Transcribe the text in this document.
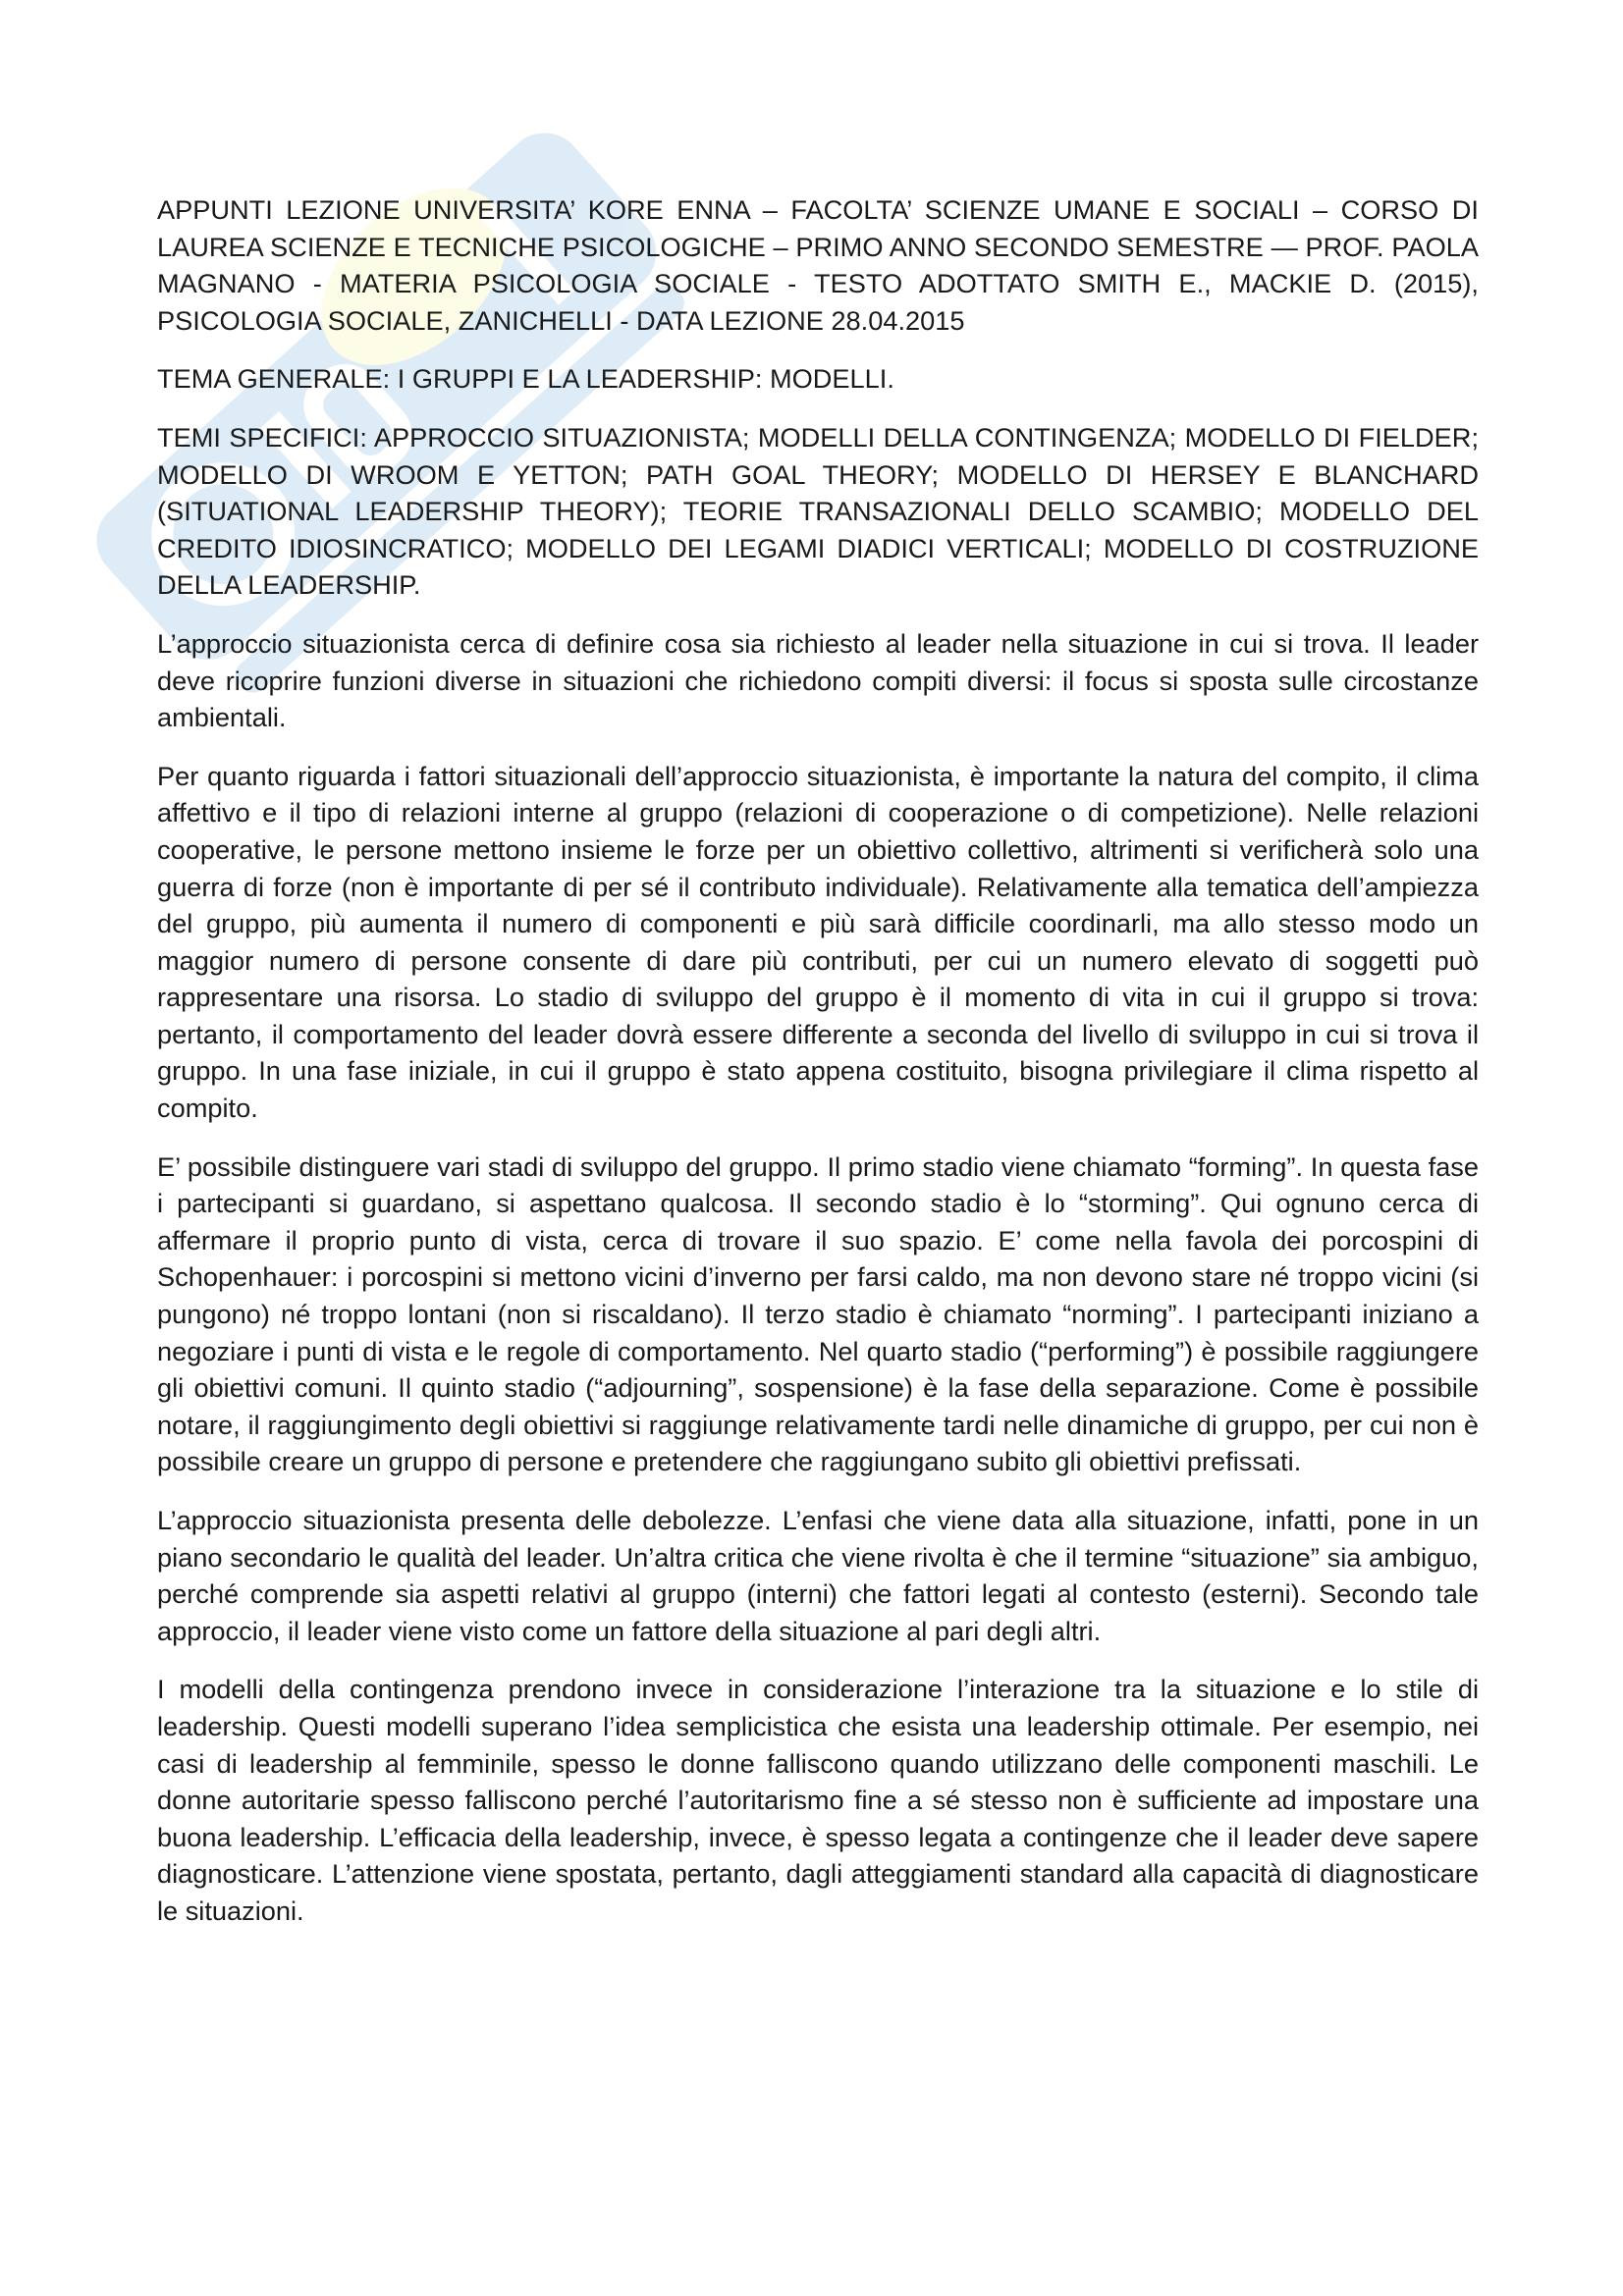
APPUNTI LEZIONE UNIVERSITA’ KORE ENNA – FACOLTA’ SCIENZE UMANE E SOCIALI – CORSO DI LAUREA SCIENZE E TECNICHE PSICOLOGICHE – PRIMO ANNO SECONDO SEMESTRE — PROF. PAOLA MAGNANO - MATERIA PSICOLOGIA SOCIALE - TESTO ADOTTATO SMITH E., MACKIE D. (2015), PSICOLOGIA SOCIALE, ZANICHELLI - DATA LEZIONE 28.04.2015

TEMA GENERALE: I GRUPPI E LA LEADERSHIP: MODELLI.

TEMI SPECIFICI: APPROCCIO SITUAZIONISTA; MODELLI DELLA CONTINGENZA; MODELLO DI FIELDER; MODELLO DI WROOM E YETTON; PATH GOAL THEORY; MODELLO DI HERSEY E BLANCHARD (SITUATIONAL LEADERSHIP THEORY); TEORIE TRANSAZIONALI DELLO SCAMBIO; MODELLO DEL CREDITO IDIOSINCRATICO; MODELLO DEI LEGAMI DIADICI VERTICALI; MODELLO DI COSTRUZIONE DELLA LEADERSHIP.

L’approccio situazionista cerca di definire cosa sia richiesto al leader nella situazione in cui si trova. Il leader deve ricoprire funzioni diverse in situazioni che richiedono compiti diversi: il focus si sposta sulle circostanze ambientali.

Per quanto riguarda i fattori situazionali dell’approccio situazionista, è importante la natura del compito, il clima affettivo e il tipo di relazioni interne al gruppo (relazioni di cooperazione o di competizione). Nelle relazioni cooperative, le persone mettono insieme le forze per un obiettivo collettivo, altrimenti si verificherà solo una guerra di forze (non è importante di per sé il contributo individuale). Relativamente alla tematica dell’ampiezza del gruppo, più aumenta il numero di componenti e più sarà difficile coordinarli, ma allo stesso modo un maggior numero di persone consente di dare più contributi, per cui un numero elevato di soggetti può rappresentare una risorsa. Lo stadio di sviluppo del gruppo è il momento di vita in cui il gruppo si trova: pertanto, il comportamento del leader dovrà essere differente a seconda del livello di sviluppo in cui si trova il gruppo. In una fase iniziale, in cui il gruppo è stato appena costituito, bisogna privilegiare il clima rispetto al compito.

E’ possibile distinguere vari stadi di sviluppo del gruppo. Il primo stadio viene chiamato “forming”. In questa fase i partecipanti si guardano, si aspettano qualcosa. Il secondo stadio è lo “storming”. Qui ognuno cerca di affermare il proprio punto di vista, cerca di trovare il suo spazio. E’ come nella favola dei porcospini di Schopenhauer: i porcospini si mettono vicini d’inverno per farsi caldo, ma non devono stare né troppo vicini (si pungono) né troppo lontani (non si riscaldano). Il terzo stadio è chiamato “norming”. I partecipanti iniziano a negoziare i punti di vista e le regole di comportamento. Nel quarto stadio (“performing”) è possibile raggiungere gli obiettivi comuni. Il quinto stadio (“adjourning”, sospensione) è la fase della separazione. Come è possibile notare, il raggiungimento degli obiettivi si raggiunge relativamente tardi nelle dinamiche di gruppo, per cui non è possibile creare un gruppo di persone e pretendere che raggiungano subito gli obiettivi prefissati.

L’approccio situazionista presenta delle debolezze. L’enfasi che viene data alla situazione, infatti, pone in un piano secondario le qualità del leader. Un’altra critica che viene rivolta è che il termine “situazione” sia ambiguo, perché comprende sia aspetti relativi al gruppo (interni) che fattori legati al contesto (esterni). Secondo tale approccio, il leader viene visto come un fattore della situazione al pari degli altri.

I modelli della contingenza prendono invece in considerazione l’interazione tra la situazione e lo stile di leadership. Questi modelli superano l’idea semplicistica che esista una leadership ottimale. Per esempio, nei casi di leadership al femminile, spesso le donne falliscono quando utilizzano delle componenti maschili. Le donne autoritarie spesso falliscono perché l’autoritarismo fine a sé stesso non è sufficiente ad impostare una buona leadership. L’efficacia della leadership, invece, è spesso legata a contingenze che il leader deve sapere diagnosticare. L’attenzione viene spostata, pertanto, dagli atteggiamenti standard alla capacità di diagnosticare le situazioni.
